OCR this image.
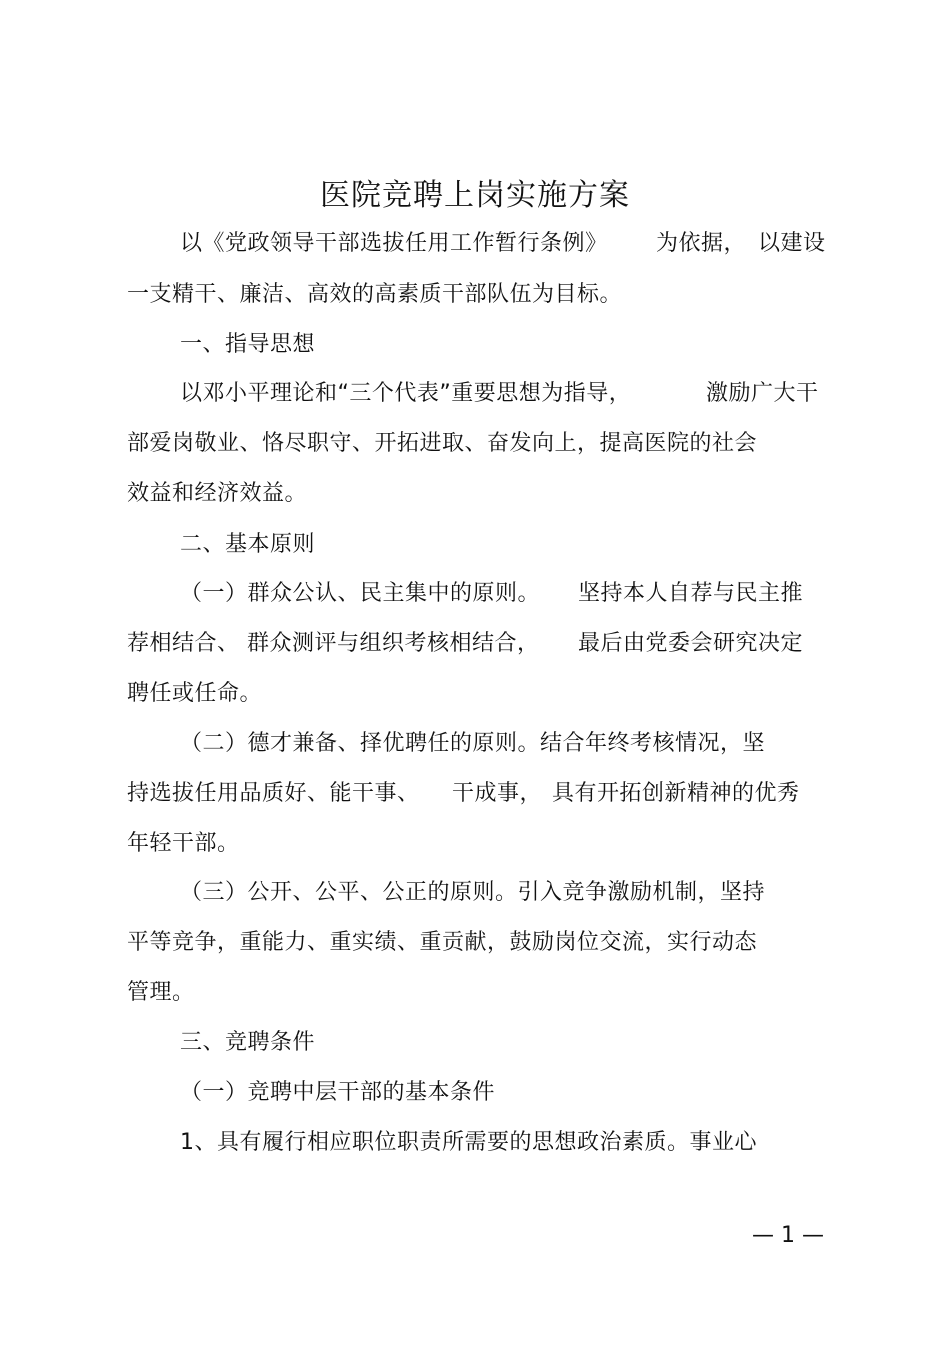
医院竞聘上岗实施方案
以《党政领导干部选拔任用工作暂行条例》 为依据， 以建设
一支精干、廉洁、高效的高素质干部队伍为目标。
一、指导思想
以邓小平理论和“三个代表”重要思想为指导，	激励广大干
部爱岗敬业、恪尽职守、开拓进取、奋发向上，提高医院的社会
效益和经济效益。
二、基本原则
（一）群众公认、民主集中的原则。 坚持本人自荐与民主推
荐相结合、 群众测评与组织考核相结合， 最后由党委会研究决定
聘任或任命。
（二）德才兼备、择优聘任的原则。结合年终考核情况，坚
持选拔任用品质好、能干事、 干成事， 具有开拓创新精神的优秀
年轻干部。
（三）公开、公平、公正的原则。引入竞争激励机制，坚持
平等竞争，重能力、重实绩、重贡献，鼓励岗位交流，实行动态
管理。
三、竞聘条件
（一）竞聘中层干部的基本条件
1、具有履行相应职位职责所需要的思想政治素质。事业心
— 1 —
